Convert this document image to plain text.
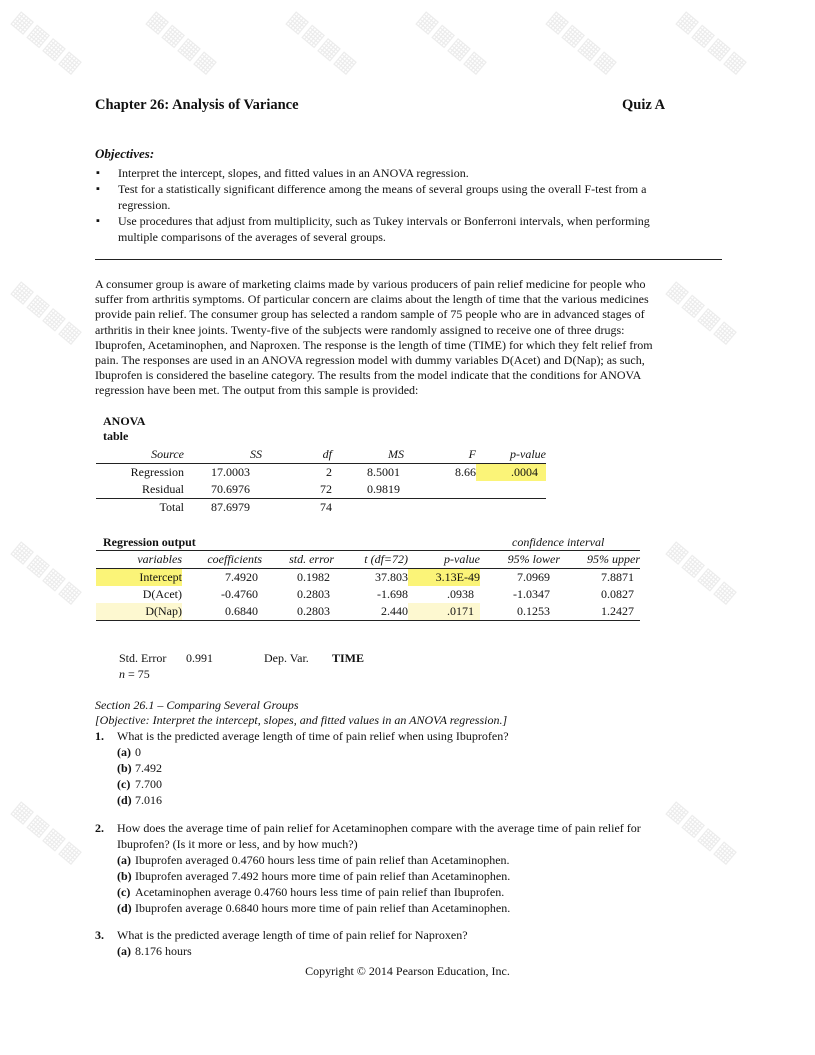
▦▦▦▦	▦▦▦▦	▦▦▦▦ ▦▦▦▦ ▦▦▦▦ ▦▦▦▦
▦▦▦▦	▦▦▦▦
▦▦▦▦	▦▦▦▦
▦▦▦▦	▦▦▦▦
Chapter 26: Analysis of Variance	Quiz A
Objectives:
▪ Interpret the intercept, slopes, and fitted values in an ANOVA regression.
▪ Test for a statistically significant difference among the means of several groups using the overall F-test from a
regression.
▪ Use procedures that adjust from multiplicity, such as Tukey intervals or Bonferroni intervals, when performing
multiple comparisons of the averages of several groups.
A consumer group is aware of marketing claims made by various producers of pain relief medicine for people who
suffer from arthritis symptoms. Of particular concern are claims about the length of time that the various medicines
provide pain relief. The consumer group has selected a random sample of 75 people who are in advanced stages of
arthritis in their knee joints. Twenty-five of the subjects were randomly assigned to receive one of three drugs:
Ibuprofen, Acetaminophen, and Naproxen. The response is the length of time (TIME) for which they felt relief from
pain. The responses are used in an ANOVA regression model with dummy variables D(Acet) and D(Nap); as such,
Ibuprofen is considered the baseline category. The results from the model indicate that the conditions for ANOVA
regression have been met. The output from this sample is provided:
ANOVA
table
Source	SS	df	MS	F	p-value
Regression	17.0003	2	8.5001	8.66	.0004
Residual	70.6976	72	0.9819		
Total	87.6979	74			
Regression output	confidence interval
variables	coefficients	std. error	t (df=72)	p-value	95% lower	95% upper
Intercept	7.4920	0.1982	37.803	3.13E-49	7.0969	7.8871
D(Acet)	-0.4760	0.2803	-1.698	.0938	-1.0347	0.0827
D(Nap)	0.6840	0.2803	2.440	.0171	0.1253	1.2427
Std. Error 0.991	Dep. Var. TIME
n = 75
Section 26.1 – Comparing Several Groups
[Objective: Interpret the intercept, slopes, and fitted values in an ANOVA regression.]
1. What is the predicted average length of time of pain relief when using Ibuprofen?
(a) 0
(b) 7.492
(c) 7.700
(d) 7.016
2. How does the average time of pain relief for Acetaminophen compare with the average time of pain relief for
Ibuprofen? (Is it more or less, and by how much?)
(a) Ibuprofen averaged 0.4760 hours less time of pain relief than Acetaminophen.
(b) Ibuprofen averaged 7.492 hours more time of pain relief than Acetaminophen.
(c) Acetaminophen average 0.4760 hours less time of pain relief than Ibuprofen.
(d) Ibuprofen average 0.6840 hours more time of pain relief than Acetaminophen.
3. What is the predicted average length of time of pain relief for Naproxen?
(a) 8.176 hours
Copyright © 2014 Pearson Education, Inc.
